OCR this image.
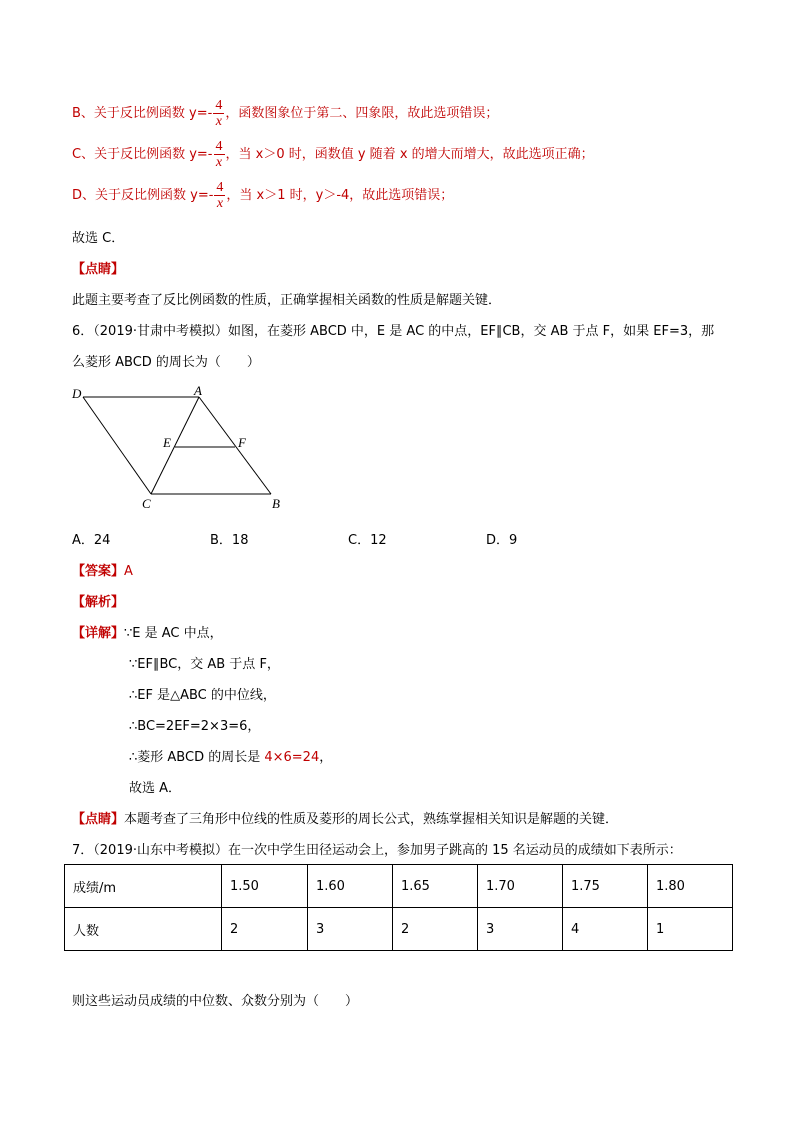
B、关于反比例函数 $y=- \frac{4}{x}$ ，函数图象位于第二、四象限，故此选项错误；
C、关于反比例函数 $y=- \frac{4}{x}$ ，当 x＞0 时，函数值 y 随着 x 的增大而增大，故此选项正确；
D、关于反比例函数 $y=- \frac{4}{x}$ ，当 x＞1 时，y＞-4，故此选项错误；
故选 C．
【点睛】
此题主要考查了反比例函数的性质，正确掌握相关函数的性质是解题关键．
6．（2019·甘肃中考模拟）如图，在菱形 ABCD 中，E 是 AC 的中点，EF∥CB，交 AB 于点 F，如果 EF=3，那
么菱形 ABCD 的周长为（　　）
D	A
E	F
C	B
A．24	B．18	C．12	D．9
【答案】A
【解析】
【详解】∵E 是 AC 中点，
∵EF∥BC，交 AB 于点 F，
∴EF 是△ABC 的中位线，
∴BC=2EF=2×3=6，
∴菱形 ABCD 的周长是 4×6=24，
故选 A．
【点睛】本题考查了三角形中位线的性质及菱形的周长公式，熟练掌握相关知识是解题的关键．
7．（2019·山东中考模拟）在一次中学生田径运动会上，参加男子跳高的 15 名运动员的成绩如下表所示：
成绩/m	1.50	1.60	1.65	1.70	1.75	1.80
人数	2	3	2	3	4	1
则这些运动员成绩的中位数、众数分别为（　　）
